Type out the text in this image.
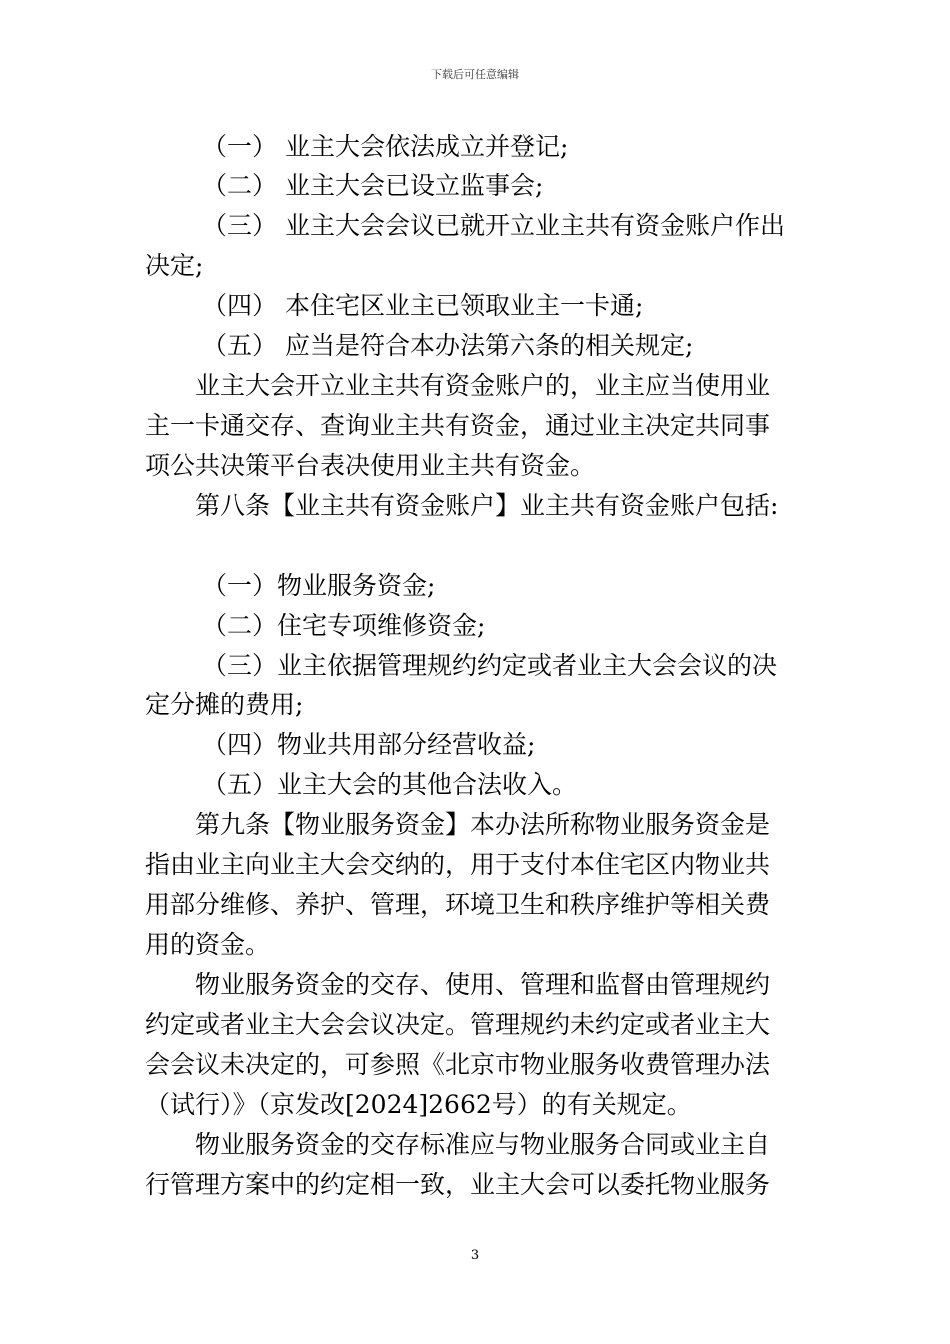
下载后可任意编辑
（一） 业主大会依法成立并登记;
（二） 业主大会已设立监事会;
（三） 业主大会会议已就开立业主共有资金账户作出
决定;
（四） 本住宅区业主已领取业主一卡通;
（五） 应当是符合本办法第六条的相关规定;
业主大会开立业主共有资金账户的，业主应当使用业
主一卡通交存、查询业主共有资金，通过业主决定共同事
项公共决策平台表决使用业主共有资金。
第八条【业主共有资金账户】业主共有资金账户包括:
（一）物业服务资金;
（二）住宅专项维修资金;
（三）业主依据管理规约约定或者业主大会会议的决
定分摊的费用;
（四）物业共用部分经营收益;
（五）业主大会的其他合法收入。
第九条【物业服务资金】本办法所称物业服务资金是
指由业主向业主大会交纳的，用于支付本住宅区内物业共
用部分维修、养护、管理，环境卫生和秩序维护等相关费
用的资金。
物业服务资金的交存、使用、管理和监督由管理规约
约定或者业主大会会议决定。管理规约未约定或者业主大
会会议未决定的，可参照《北京市物业服务收费管理办法
（试行）》（京发改[2024]2662号）的有关规定。
物业服务资金的交存标准应与物业服务合同或业主自
行管理方案中的约定相一致，业主大会可以委托物业服务
3
